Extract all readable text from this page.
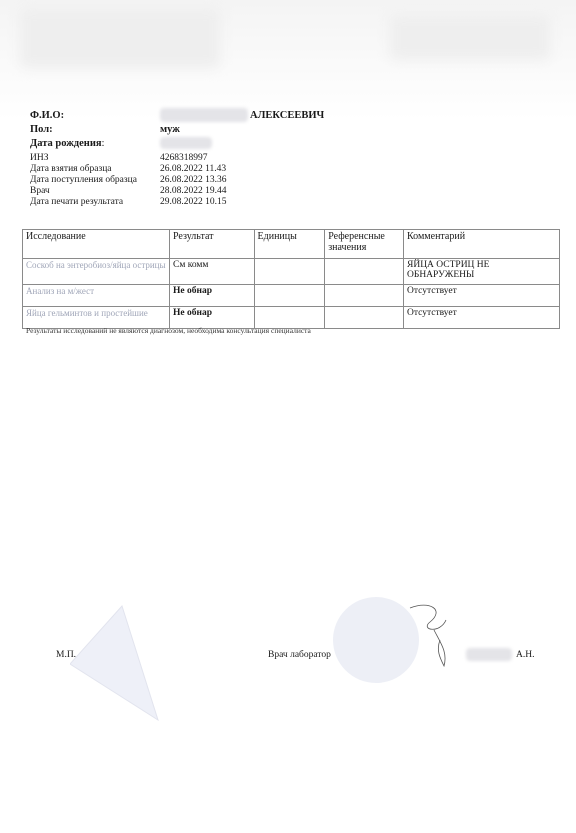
Ф.И.О:	АЛЕКСЕЕВИЧ
Пол:	муж
Дата рождения:
ИНЗ	4268318997
Дата взятия образца	26.08.2022 11.43
Дата поступления образца 26.08.2022 13.36
Врач	28.08.2022 19.44
Дата печати результата	29.08.2022 10.15
Исследование	Результат	Единицы	Референсные значения	Комментарий
Соскоб на энтеробиоз/яйца острицы	См комм			ЯЙЦА ОСТРИЦ НЕ ОБНАРУЖЕНЫ
Анализ на м/жест	Не обнар			Отсутствует
Яйца гельминтов и простейшие	Не обнар			Отсутствует
Результаты исследований не являются диагнозом, необходима консультация специалиста
М.П.	Врач лаборатор	А.Н.
